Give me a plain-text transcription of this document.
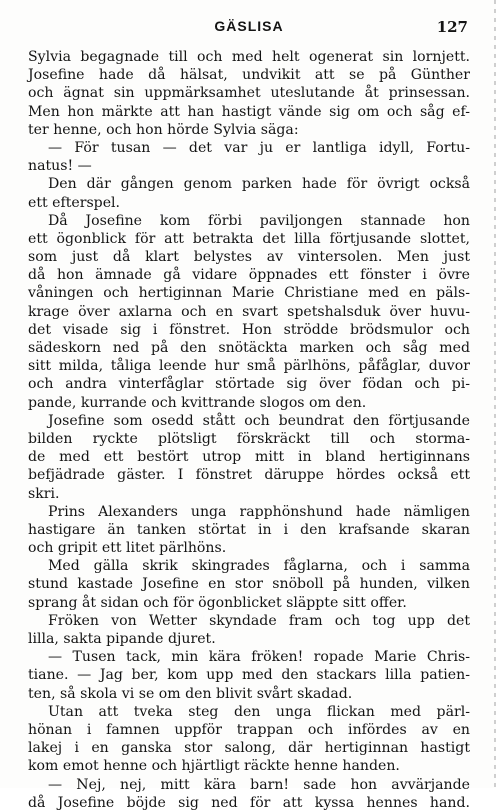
GÄSLISA	127
Sylvia begagnade till och med helt ogenerat sin lornjett.
Josefine hade då hälsat, undvikit att se på Günther
och ägnat sin uppmärksamhet uteslutande åt prinsessan.
Men hon märkte att han hastigt vände sig om och såg ef-
ter henne, och hon hörde Sylvia säga:
— För tusan — det var ju er lantliga idyll, Fortu-
natus! —
Den där gången genom parken hade för övrigt också
ett efterspel.
Då Josefine kom förbi paviljongen stannade hon
ett ögonblick för att betrakta det lilla förtjusande slottet,
som just då klart belystes av vintersolen. Men just
då hon ämnade gå vidare öppnades ett fönster i övre
våningen och hertiginnan Marie Christiane med en päls-
krage över axlarna och en svart spetshalsduk över huvu-
det visade sig i fönstret. Hon strödde brödsmulor och
sädeskorn ned på den snötäckta marken och såg med
sitt milda, tåliga leende hur små pärlhöns, påfåglar, duvor
och andra vinterfåglar störtade sig över födan och pi-
pande, kurrande och kvittrande slogos om den.
Josefine som osedd stått och beundrat den förtjusande
bilden ryckte plötsligt förskräckt till och storma-
de med ett bestört utrop mitt in bland hertiginnans
befjädrade gäster. I fönstret däruppe hördes också ett
skri.
Prins Alexanders unga rapphönshund hade nämligen
hastigare än tanken störtat in i den krafsande skaran
och gripit ett litet pärlhöns.
Med gälla skrik skingrades fåglarna, och i samma
stund kastade Josefine en stor snöboll på hunden, vilken
sprang åt sidan och för ögonblicket släppte sitt offer.
Fröken von Wetter skyndade fram och tog upp det
lilla, sakta pipande djuret.
— Tusen tack, min kära fröken! ropade Marie Chris-
tiane. — Jag ber, kom upp med den stackars lilla patien-
ten, så skola vi se om den blivit svårt skadad.
Utan att tveka steg den unga flickan med pärl-
hönan i famnen uppför trappan och infördes av en
lakej i en ganska stor salong, där hertiginnan hastigt
kom emot henne och hjärtligt räckte henne handen.
— Nej, nej, mitt kära barn! sade hon avvärjande
då Josefine böjde sig ned för att kyssa hennes hand.
